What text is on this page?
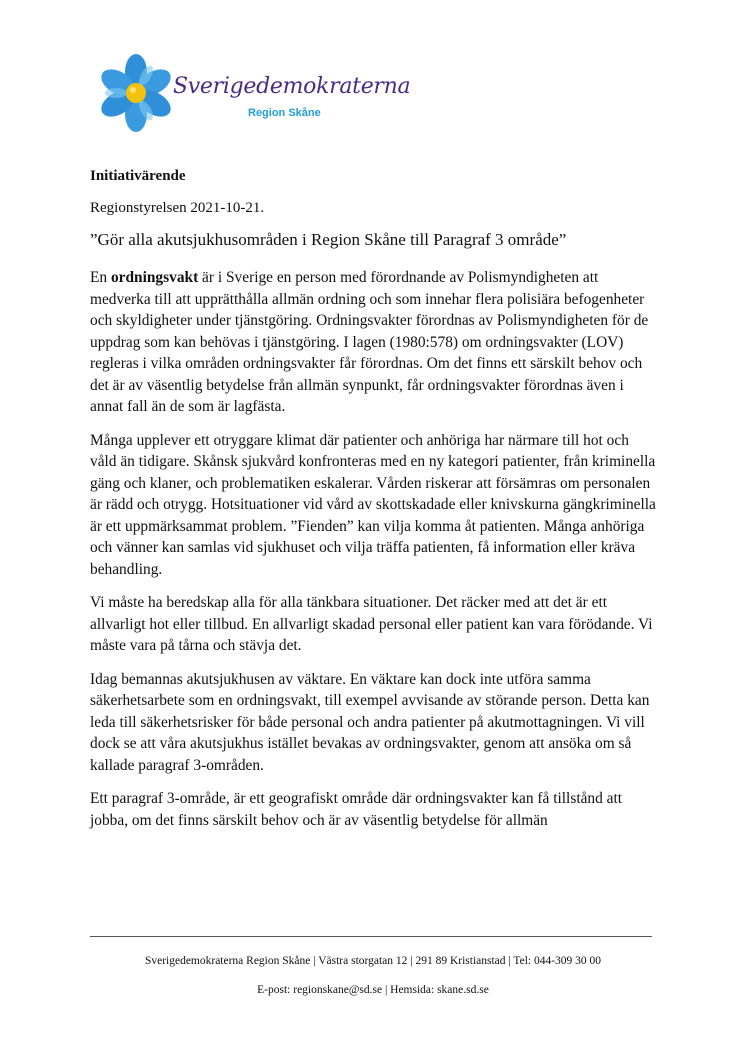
Sverigedemokraterna
Region Skåne
Initiativärende
Regionstyrelsen 2021-10-21.
”Gör alla akutsjukhusområden i Region Skåne till Paragraf 3 område”

En ordningsvakt är i Sverige en person med förordnande av Polismyndigheten att medverka till att upprätthålla allmän ordning och som innehar flera polisiära befogenheter och skyldigheter under tjänstgöring. Ordningsvakter förordnas av Polismyndigheten för de uppdrag som kan behövas i tjänstgöring. I lagen (1980:578) om ordningsvakter (LOV) regleras i vilka områden ordningsvakter får förordnas. Om det finns ett särskilt behov och det är av väsentlig betydelse från allmän synpunkt, får ordningsvakter förordnas även i annat fall än de som är lagfästa.

Många upplever ett otryggare klimat där patienter och anhöriga har närmare till hot och våld än tidigare. Skånsk sjukvård konfronteras med en ny kategori patienter, från kriminella gäng och klaner, och problematiken eskalerar. Vården riskerar att försämras om personalen är rädd och otrygg. Hotsituationer vid vård av skottskadade eller knivskurna gängkriminella är ett uppmärksammat problem. ”Fienden” kan vilja komma åt patienten. Många anhöriga och vänner kan samlas vid sjukhuset och vilja träffa patienten, få information eller kräva behandling.

Vi måste ha beredskap alla för alla tänkbara situationer. Det räcker med att det är ett allvarligt hot eller tillbud. En allvarligt skadad personal eller patient kan vara förödande. Vi måste vara på tårna och stävja det.

Idag bemannas akutsjukhusen av väktare. En väktare kan dock inte utföra samma säkerhetsarbete som en ordningsvakt, till exempel avvisande av störande person. Detta kan leda till säkerhetsrisker för både personal och andra patienter på akutmottagningen. Vi vill dock se att våra akutsjukhus istället bevakas av ordningsvakter, genom att ansöka om så kallade paragraf 3-områden.

Ett paragraf 3-område, är ett geografiskt område där ordningsvakter kan få tillstånd att jobba, om det finns särskilt behov och är av väsentlig betydelse för allmän

Sverigedemokraterna Region Skåne | Västra storgatan 12 | 291 89 Kristianstad | Tel: 044-309 30 00
E-post: regionskane@sd.se | Hemsida: skane.sd.se
